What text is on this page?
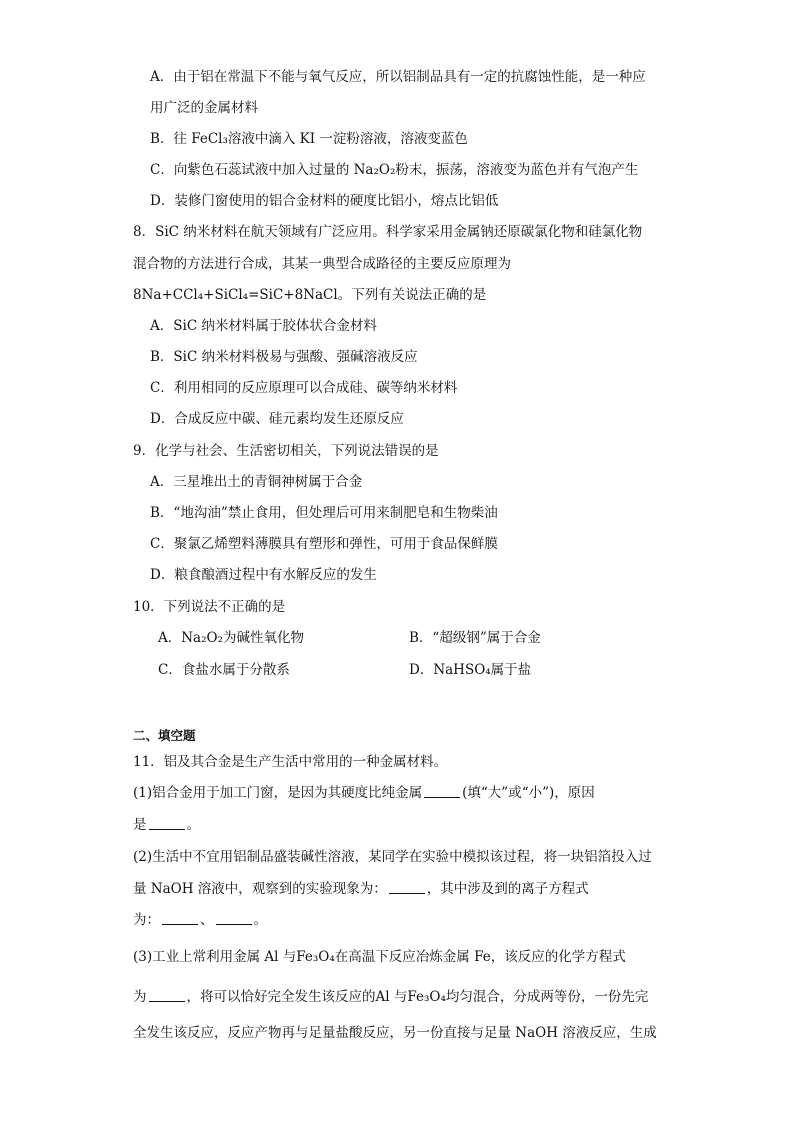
A．由于铝在常温下不能与氧气反应，所以铝制品具有一定的抗腐蚀性能，是一种应
用广泛的金属材料
B．往 FeCl₃溶液中滴入 KI 一淀粉溶液，溶液变蓝色
C．向紫色石蕊试液中加入过量的 Na₂O₂粉末，振荡，溶液变为蓝色并有气泡产生
D．装修门窗使用的铝合金材料的硬度比铝小，熔点比铝低
8．SiC 纳米材料在航天领域有广泛应用。科学家采用金属钠还原碳氯化物和硅氯化物
混合物的方法进行合成，其某一典型合成路径的主要反应原理为
8Na+CCl₄+SiCl₄=SiC+8NaCl。下列有关说法正确的是
A．SiC 纳米材料属于胶体状合金材料
B．SiC 纳米材料极易与强酸、强碱溶液反应
C．利用相同的反应原理可以合成硅、碳等纳米材料
D．合成反应中碳、硅元素均发生还原反应
9．化学与社会、生活密切相关，下列说法错误的是
A．三星堆出土的青铜神树属于合金
B．“地沟油”禁止食用，但处理后可用来制肥皂和生物柴油
C．聚氯乙烯塑料薄膜具有塑形和弹性，可用于食品保鲜膜
D．粮食酿酒过程中有水解反应的发生
10．下列说法不正确的是
A．Na₂O₂为碱性氧化物	B．“超级钢”属于合金
C．食盐水属于分散系	D．NaHSO₄属于盐
二、填空题
11．铝及其合金是生产生活中常用的一种金属材料。
(1)铝合金用于加工门窗，是因为其硬度比纯金属	(填“大”或“小”)，原因
是	。
(2)生活中不宜用铝制品盛装碱性溶液，某同学在实验中模拟该过程，将一块铝箔投入过
量 NaOH 溶液中，观察到的实验现象为：	，其中涉及到的离子方程式
为：	、	。
(3)工业上常利用金属 Al 与Fe₃O₄在高温下反应冶炼金属 Fe，该反应的化学方程式
为	，将可以恰好完全发生该反应的Al 与Fe₃O₄均匀混合，分成两等份，一份先完
全发生该反应，反应产物再与足量盐酸反应，另一份直接与足量 NaOH 溶液反应，生成
